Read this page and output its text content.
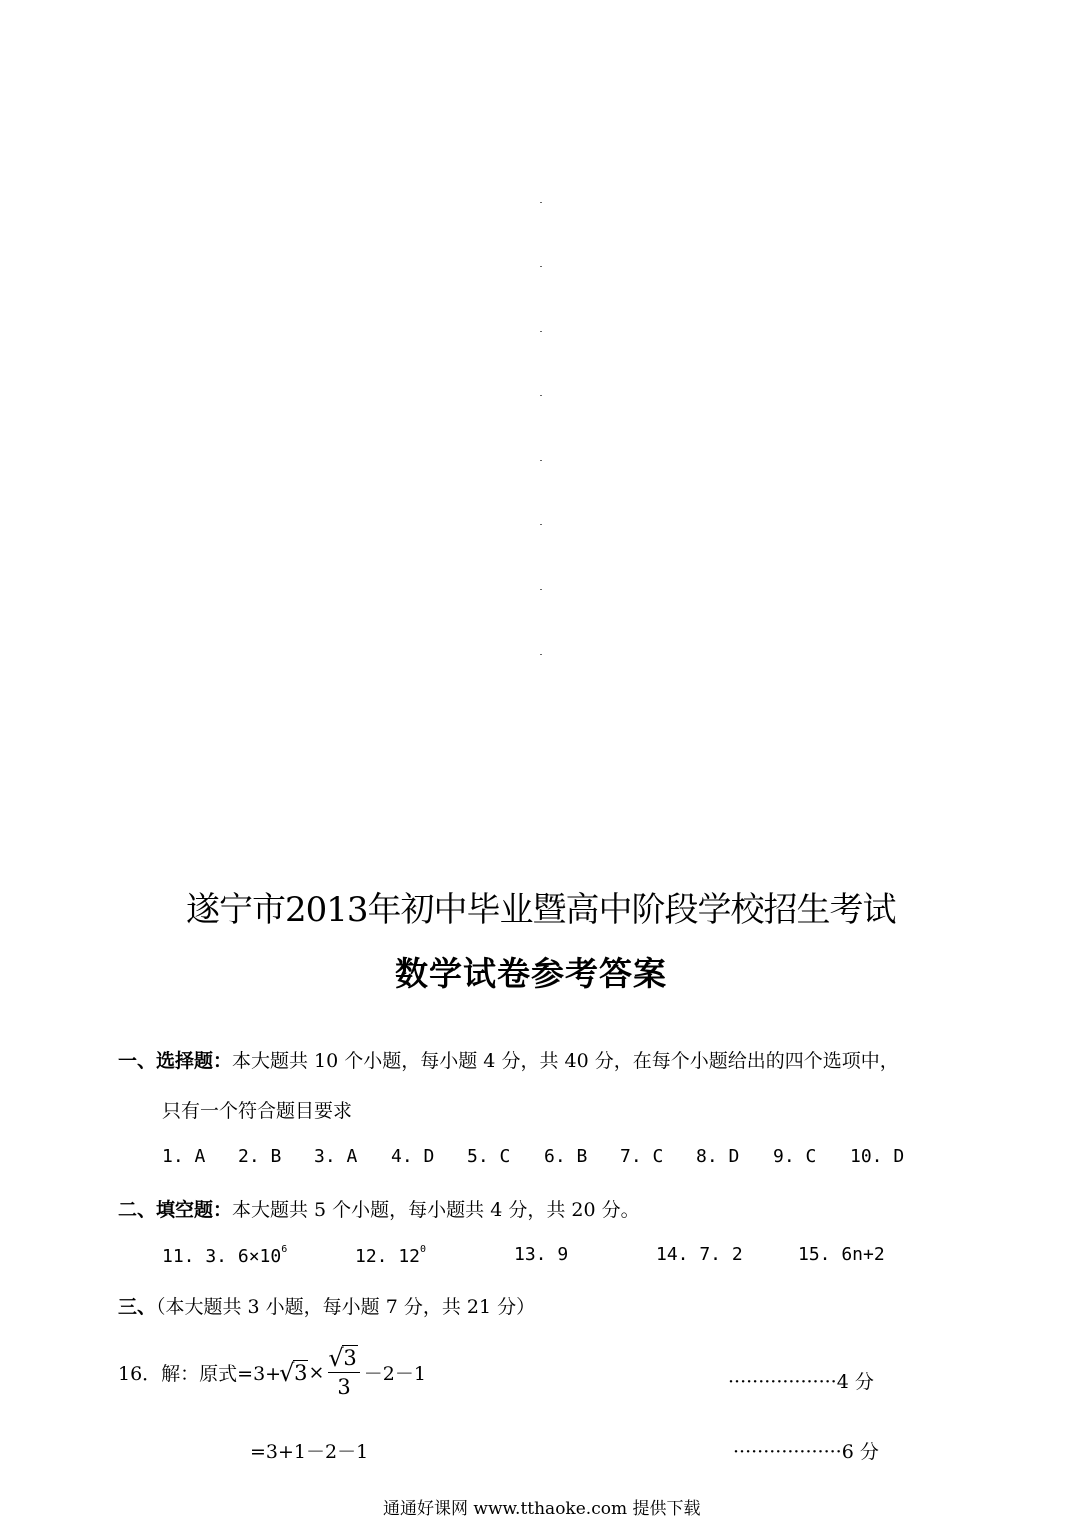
遂宁市2013年初中毕业暨高中阶段学校招生考试
数学试卷参考答案
一、选择题：本大题共 10 个小题，每小题 4 分，共 40 分，在每个小题给出的四个选项中，
只有一个符合题目要求
1. A 2. B 3. A 4. D 5. C 6. B 7. C 8. D 9. C 10. D
二、填空题：本大题共 5 个小题，每小题共 4 分，共 20 分。
11. 3. $6\times 10^6$	12. $12^0$	13. 9	14. 7. 2	15. 6n+2
三、（本大题共 3 小题，每小题 7 分，共 21 分）
16．解：原式=3+
√ $3\times \frac{√ 3}{3} -2-1$	··················4 分
=3+1－2－1	··················6 分
通通好课网 www.tthaoke.com 提供下载
